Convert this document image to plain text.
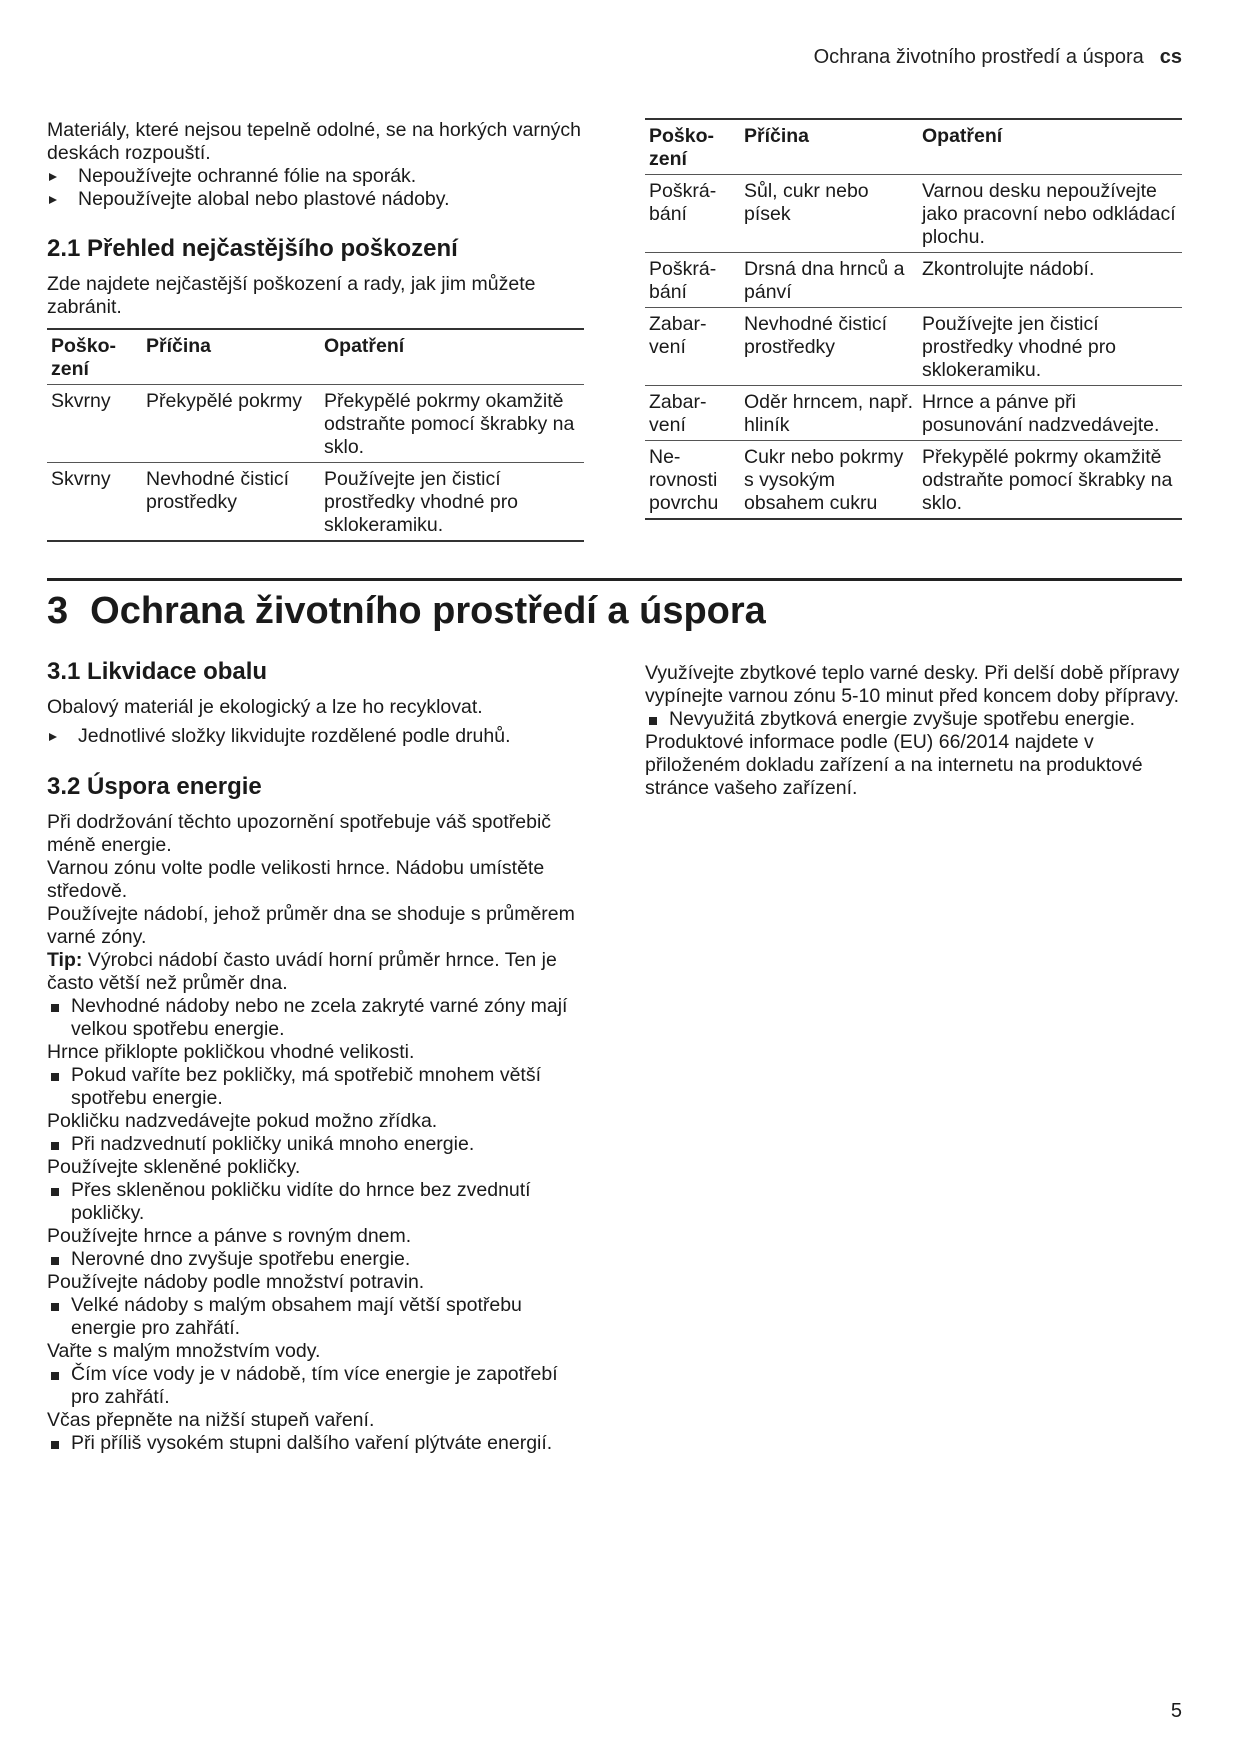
Ochrana životního prostředí a úspora cs

Materiály, které nejsou tepelně odolné, se na horkých varných deskách rozpouští.

Nepoužívejte ochranné fólie na sporák.
Nepoužívejte alobal nebo plastové nádoby.
2.1 Přehled nejčastějšího poškození

Zde najdete nejčastější poškození a rady, jak jim můžete zabránit.

Poško-zení	Příčina	Opatření
Skvrny	Překypělé pokrmy	Překypělé pokrmy okamžitě odstraňte pomocí škrabky na sklo.
Skvrny	Nevhodné čisticí prostředky	Používejte jen čisticí prostředky vhodné pro sklokeramiku.
Poško-zení	Příčina	Opatření
Poškrá-bání	Sůl, cukr nebo písek	Varnou desku nepoužívejte jako pracovní nebo odkládací plochu.
Poškrá-bání	Drsná dna hrnců a pánví	Zkontrolujte nádobí.
Zabar-vení	Nevhodné čisticí prostředky	Používejte jen čisticí prostředky vhodné pro sklokeramiku.
Zabar-vení	Oděr hrncem, např. hliník	Hrnce a pánve při posunování nadzvedávejte.
Ne-rovnosti povrchu	Cukr nebo pokrmy s vysokým obsahem cukru	Překypělé pokrmy okamžitě odstraňte pomocí škrabky na sklo.
3 Ochrana životního prostředí a úspora
3.1 Likvidace obalu

Obalový materiál je ekologický a lze ho recyklovat.

Jednotlivé složky likvidujte rozdělené podle druhů.
3.2 Úspora energie

Při dodržování těchto upozornění spotřebuje váš spotřebič méně energie.

Varnou zónu volte podle velikosti hrnce. Nádobu umístěte středově.

Používejte nádobí, jehož průměr dna se shoduje s průměrem varné zóny.

Tip: Výrobci nádobí často uvádí horní průměr hrnce. Ten je často větší než průměr dna.

Nevhodné nádoby nebo ne zcela zakryté varné zóny mají velkou spotřebu energie.

Hrnce přiklopte pokličkou vhodné velikosti.

Pokud vaříte bez pokličky, má spotřebič mnohem větší spotřebu energie.

Pokličku nadzvedávejte pokud možno zřídka.

Při nadzvednutí pokličky uniká mnoho energie.

Používejte skleněné pokličky.

Přes skleněnou pokličku vidíte do hrnce bez zvednutí pokličky.

Používejte hrnce a pánve s rovným dnem.

Nerovné dno zvyšuje spotřebu energie.

Používejte nádoby podle množství potravin.

Velké nádoby s malým obsahem mají větší spotřebu energie pro zahřátí.

Vařte s malým množstvím vody.

Čím více vody je v nádobě, tím více energie je zapotřebí pro zahřátí.

Včas přepněte na nižší stupeň vaření.

Při příliš vysokém stupni dalšího vaření plýtváte energií.

Využívejte zbytkové teplo varné desky. Při delší době přípravy vypínejte varnou zónu 5-10 minut před koncem doby přípravy.

Nevyužitá zbytková energie zvyšuje spotřebu energie.

Produktové informace podle (EU) 66/2014 najdete v přiloženém dokladu zařízení a na internetu na produktové stránce vašeho zařízení.

5
